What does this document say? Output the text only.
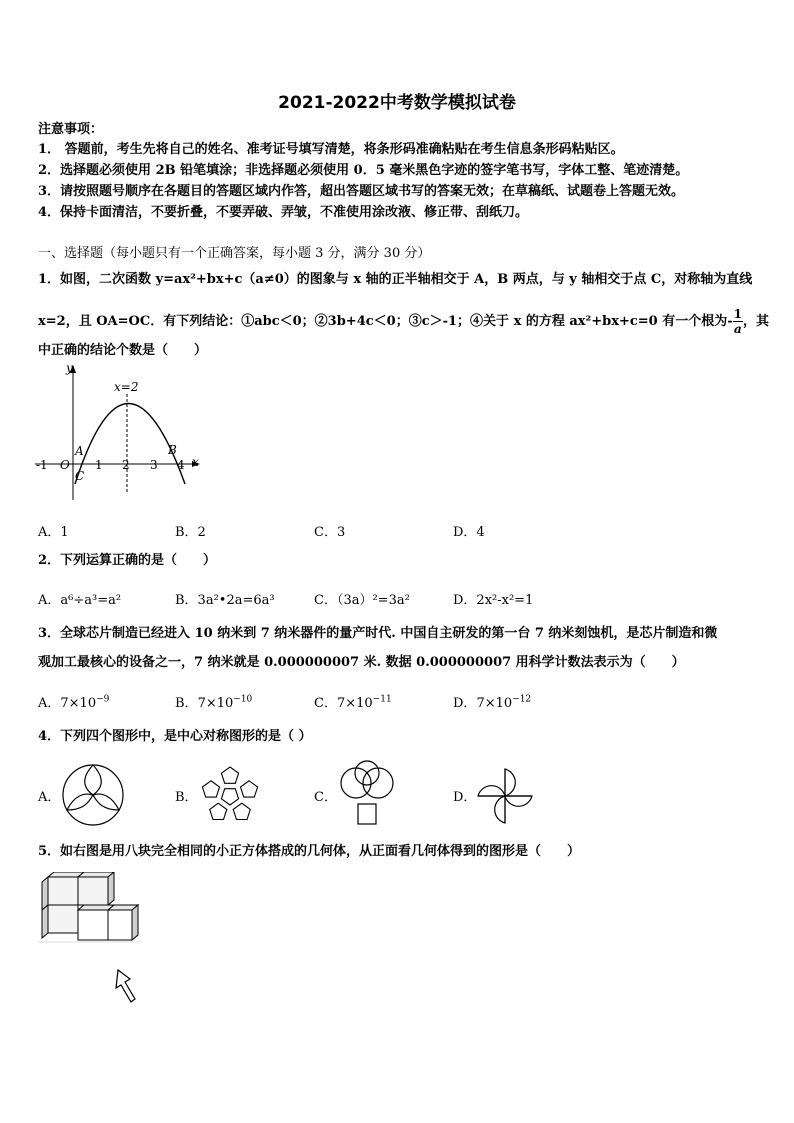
2021-2022中考数学模拟试卷
注意事项：
1． 答题前，考生先将自己的姓名、准考证号填写清楚，将条形码准确粘贴在考生信息条形码粘贴区。
2．选择题必须使用 2B 铅笔填涂；非选择题必须使用 0．5 毫米黑色字迹的签字笔书写，字体工整、笔迹清楚。
3．请按照题号顺序在各题目的答题区域内作答，超出答题区域书写的答案无效；在草稿纸、试题卷上答题无效。
4．保持卡面清洁，不要折叠，不要弄破、弄皱，不准使用涂改液、修正带、刮纸刀。
一、选择题（每小题只有一个正确答案，每小题 3 分，满分 30 分）
1．如图，二次函数 y=ax²+bx+c（a≠0）的图象与 x 轴的正半轴相交于 A，B 两点，与 y 轴相交于点 C，对称轴为直线
x=2，且 OA=OC．有下列结论：①abc＜0；②3b+4c＜0；③c＞-1；④关于 x 的方程 ax²+bx+c=0 有一个根为- $\frac{1}{a}$ ，其
中正确的结论个数是（　　）
y
x
x=2
A	B
C
O
-1	1 2 3 4
A．1	B．2	C．3	D．4
2．下列运算正确的是（　　）
A．a⁶÷a³=a²	B．3a²•2a=6a³	C．（3a）²=3a²	D．2x²-x²=1
3．全球芯片制造已经进入 10 纳米到 7 纳米器件的量产时代. 中国自主研发的第一台 7 纳米刻蚀机，是芯片制造和微
观加工最核心的设备之一，7 纳米就是 0.000000007 米. 数据 0.000000007 用科学计数法表示为（　　）
A．$7\times 10^{-9}$	B．$7\times 10^{-10}$	C．$7\times 10^{-11}$	D．$7\times 10^{-12}$
4．下列四个图形中，是中心对称图形的是（ ）
A．	B．	C．	D．
5．如右图是用八块完全相同的小正方体搭成的几何体，从正面看几何体得到的图形是（　　）
